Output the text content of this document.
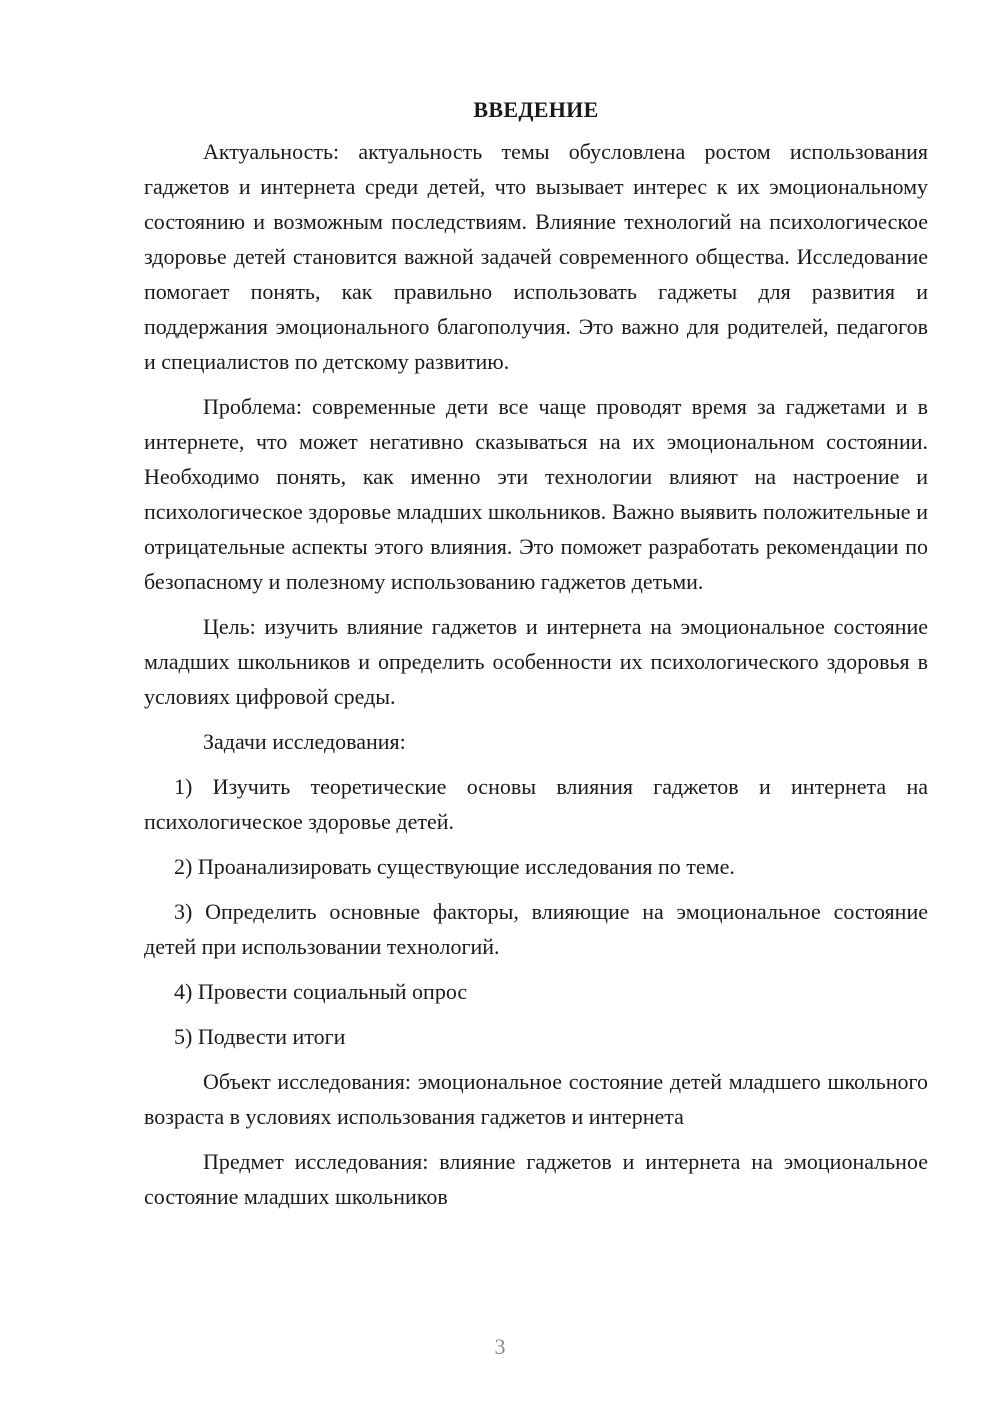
ВВЕДЕНИЕ

Актуальность: актуальность темы обусловлена ростом использования гаджетов и интернета среди детей, что вызывает интерес к их эмоциональному состоянию и возможным последствиям. Влияние технологий на психологическое здоровье детей становится важной задачей современного общества. Исследование помогает понять, как правильно использовать гаджеты для развития и поддержания эмоционального благополучия. Это важно для родителей, педагогов и специалистов по детскому развитию.

Проблема: современные дети все чаще проводят время за гаджетами и в интернете, что может негативно сказываться на их эмоциональном состоянии. Необходимо понять, как именно эти технологии влияют на настроение и психологическое здоровье младших школьников. Важно выявить положительные и отрицательные аспекты этого влияния. Это поможет разработать рекомендации по безопасному и полезному использованию гаджетов детьми.

Цель: изучить влияние гаджетов и интернета на эмоциональное состояние младших школьников и определить особенности их психологического здоровья в условиях цифровой среды.

Задачи исследования:

1) Изучить теоретические основы влияния гаджетов и интернета на психологическое здоровье детей.

2) Проанализировать существующие исследования по теме.

3) Определить основные факторы, влияющие на эмоциональное состояние детей при использовании технологий.

4) Провести социальный опрос

5) Подвести итоги

Объект исследования: эмоциональное состояние детей младшего школьного возраста в условиях использования гаджетов и интернета

Предмет исследования: влияние гаджетов и интернета на эмоциональное состояние младших школьников

3
